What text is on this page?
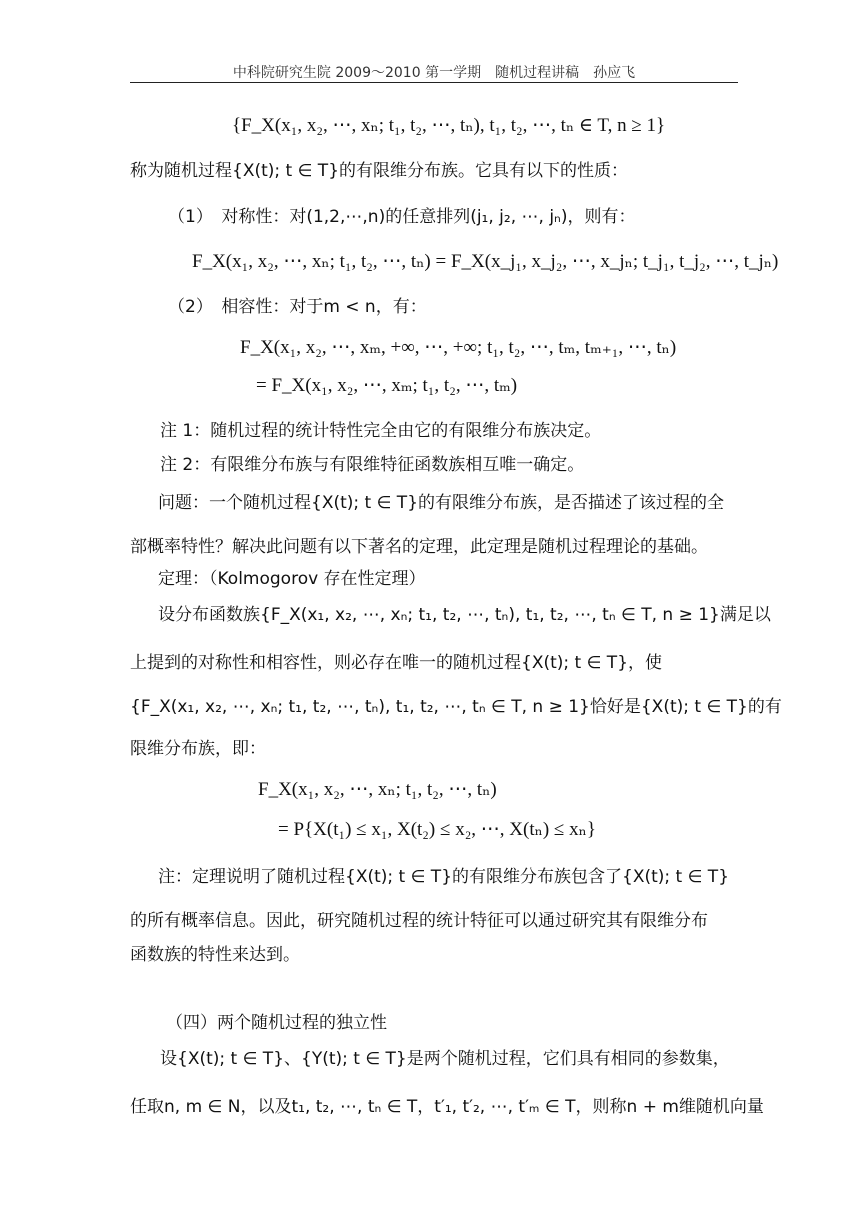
中科院研究生院 2009～2010 第一学期　随机过程讲稿　孙应飞
{F_X(x₁, x₂, ⋯, xₙ; t₁, t₂, ⋯, tₙ), t₁, t₂, ⋯, tₙ ∈ T, n ≥ 1}
称为随机过程{X(t); t ∈ T}的有限维分布族。它具有以下的性质：
（1）　对称性：对(1,2,⋯,n)的任意排列(j₁, j₂, ⋯, jₙ)，则有：
F_X(x₁, x₂, ⋯, xₙ; t₁, t₂, ⋯, tₙ) = F_X(x_j₁, x_j₂, ⋯, x_jₙ; t_j₁, t_j₂, ⋯, t_jₙ)
（2）　相容性：对于m < n，有：
F_X(x₁, x₂, ⋯, xₘ, +∞, ⋯, +∞; t₁, t₂, ⋯, tₘ, tₘ₊₁, ⋯, tₙ)
= F_X(x₁, x₂, ⋯, xₘ; t₁, t₂, ⋯, tₘ)
注 1：随机过程的统计特性完全由它的有限维分布族决定。
注 2：有限维分布族与有限维特征函数族相互唯一确定。
问题：一个随机过程{X(t); t ∈ T}的有限维分布族，是否描述了该过程的全
部概率特性？解决此问题有以下著名的定理，此定理是随机过程理论的基础。
定理：（Kolmogorov 存在性定理）
设分布函数族{F_X(x₁, x₂, ⋯, xₙ; t₁, t₂, ⋯, tₙ), t₁, t₂, ⋯, tₙ ∈ T, n ≥ 1}满足以
上提到的对称性和相容性，则必存在唯一的随机过程{X(t); t ∈ T}，使
{F_X(x₁, x₂, ⋯, xₙ; t₁, t₂, ⋯, tₙ), t₁, t₂, ⋯, tₙ ∈ T, n ≥ 1}恰好是{X(t); t ∈ T}的有
限维分布族，即：
F_X(x₁, x₂, ⋯, xₙ; t₁, t₂, ⋯, tₙ)
= P{X(t₁) ≤ x₁, X(t₂) ≤ x₂, ⋯, X(tₙ) ≤ xₙ}
注：定理说明了随机过程{X(t); t ∈ T}的有限维分布族包含了{X(t); t ∈ T}
的所有概率信息。因此，研究随机过程的统计特征可以通过研究其有限维分布
函数族的特性来达到。
（四）两个随机过程的独立性
设{X(t); t ∈ T}、{Y(t); t ∈ T}是两个随机过程，它们具有相同的参数集，
任取n, m ∈ N，以及t₁, t₂, ⋯, tₙ ∈ T，t′₁, t′₂, ⋯, t′ₘ ∈ T，则称n + m维随机向量
